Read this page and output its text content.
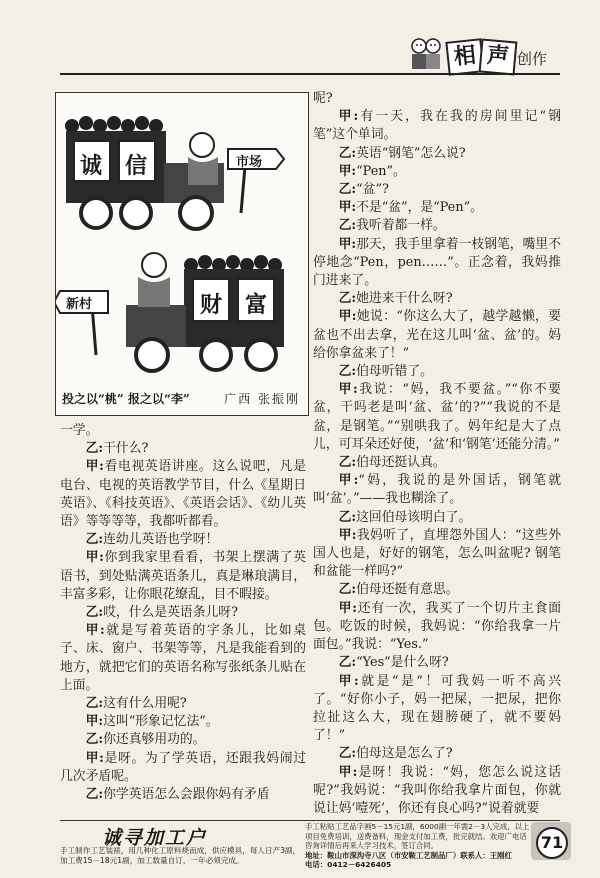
相 声 创作
诚 信	市场
财 富
新村
投之以“桃” 报之以“李”	广西 张振刚

呢?

甲:有一天，我在我的房间里记“钢笔”这个单词。

乙:英语“钢笔”怎么说?

甲:“Pen”。

乙:“盆”?

甲:不是“盆”，是“Pen”。

乙:我听着都一样。

甲:那天，我手里拿着一枝钢笔，嘴里不停地念“Pen，pen……”。正念着，我妈推门进来了。

乙:她进来干什么呀?

甲:她说：“你这么大了，越学越懒，要盆也不出去拿，光在这儿叫‘盆、盆’的。妈给你拿盆来了！”

乙:伯母听错了。

甲:我说：“妈，我不要盆。”“你不要盆，干吗老是叫‘盆、盆’的?”“我说的不是盆，是钢笔。”“别哄我了。妈年纪是大了点儿，可耳朵还好使，‘盆’和‘钢笔’还能分清。”

乙:伯母还挺认真。

甲:“妈，我说的是外国话，钢笔就叫‘盆’。”——我也糊涂了。

乙:这回伯母该明白了。

甲:我妈听了，直埋怨外国人：“这些外国人也是，好好的钢笔，怎么叫盆呢? 钢笔和盆能一样吗?”

乙:伯母还挺有意思。

甲:还有一次，我买了一个切片主食面包。吃饭的时候，我妈说：“你给我拿一片面包。”我说：“Yes.”

乙:“Yes”是什么呀?

甲:就是“是”！可我妈一听不高兴了。“好你小子，妈一把屎，一把尿，把你拉扯这么大，现在翅膀硬了，就不要妈了！”

乙:伯母这是怎么了?

甲:是呀！我说：“妈，您怎么说这话呢?”我妈说：“我叫你给我拿片面包，你就说让妈‘噎死’，你还有良心吗?”说着就要

一学。

乙:干什么?

甲:看电视英语讲座。这么说吧，凡是电台、电视的英语教学节目，什么《星期日英语》、《科技英语》、《英语会话》、《幼儿英语》等等等等，我都听都看。

乙:连幼儿英语也学呀！

甲:你到我家里看看，书架上摆满了英语书，到处贴满英语条儿，真是琳琅满目，丰富多彩，让你眼花缭乱，目不暇接。

乙:哎，什么是英语条儿呀?

甲:就是写着英语的字条儿，比如桌子、床、窗户、书架等等，凡是我能看到的地方，就把它们的英语名称写张纸条儿贴在上面。

乙:这有什么用呢?

甲:这叫“形象记忆法”。

乙:你还真够用功的。

甲:是呀。为了学英语，还跟我妈闹过几次矛盾呢。

乙:你学英语怎么会跟你妈有矛盾

诚寻加工户
手工制作工艺装裱，用几种化工原料烧而成，供应模具，每人日产3副，加工费15－18元1副，加工数量自订，一年必须完成。
手工粘贴工艺品字画5－15元1副，6000副一年需2－3人完成，以上项目免费培训，送费备料，现金支付加工费，批完就结。欢迎广电话咨询详情后再来人学习技术，签订合同。
地址：鞍山市深沟寺八区（市安鞍工艺制品厂）联系人：王刚红
电话：0412－6426405
71
